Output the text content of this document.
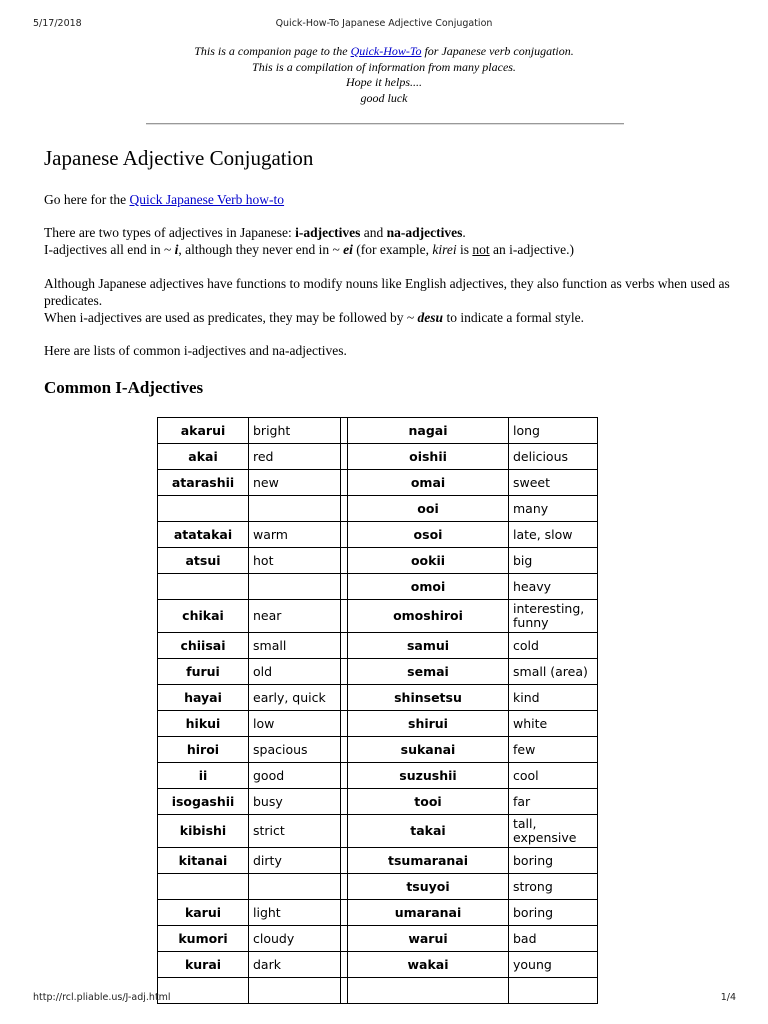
5/17/2018	Quick-How-To Japanese Adjective Conjugation
This is a companion page to the Quick-How-To for Japanese verb conjugation.
This is a compilation of information from many places.
Hope it helps....
good luck
Japanese Adjective Conjugation

Go here for the Quick Japanese Verb how-to

There are two types of adjectives in Japanese: i-adjectives and na-adjectives.
I-adjectives all end in ~ i, although they never end in ~ ei (for example, kirei is not an i-adjective.)

Although Japanese adjectives have functions to modify nouns like English adjectives, they also function as verbs when used as predicates.
When i-adjectives are used as predicates, they may be followed by ~ desu to indicate a formal style.

Here are lists of common i-adjectives and na-adjectives.

Common I-Adjectives
akarui	bright		nagai	long
akai	red		oishii	delicious
atarashii	new		omai	sweet
			ooi	many
atatakai	warm		osoi	late, slow
atsui	hot		ookii	big
			omoi	heavy
chikai	near		omoshiroi	interesting, funny
chiisai	small		samui	cold
furui	old		semai	small (area)
hayai	early, quick		shinsetsu	kind
hikui	low		shirui	white
hiroi	spacious		sukanai	few
ii	good		suzushii	cool
isogashii	busy		tooi	far
kibishi	strict		takai	tall, expensive
kitanai	dirty		tsumaranai	boring
			tsuyoi	strong
karui	light		umaranai	boring
kumori	cloudy		warui	bad
kurai	dark		wakai	young

http://rcl.pliable.us/J-adj.html	1/4
